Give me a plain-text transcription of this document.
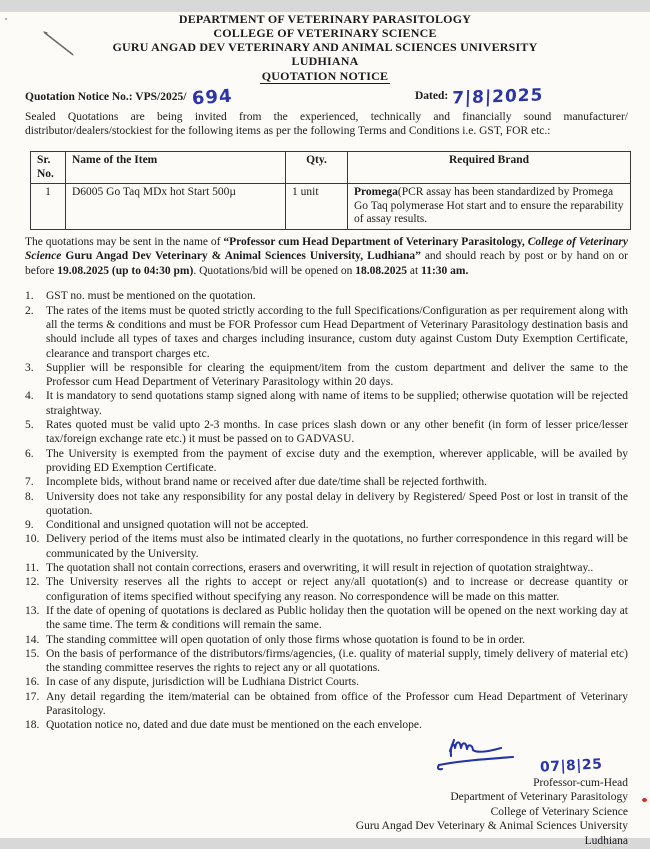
DEPARTMENT OF VETERINARY PARASITOLOGY
COLLEGE OF VETERINARY SCIENCE
GURU ANGAD DEV VETERINARY AND ANIMAL SCIENCES UNIVERSITY
LUDHIANA
QUOTATION NOTICE
Quotation Notice No.: VPS/2025/ 694	Dated: 7|8|2025
Sealed Quotations are being invited from the experienced, technically and financially sound manufacturer/ distributor/dealers/stockiest for the following items as per the following Terms and Conditions i.e. GST, FOR etc.:
Sr. No.	Name of the Item	Qty.	Required Brand
1	D6005 Go Taq MDx hot Start 500µ	1 unit	Promega(PCR assay has been standardized by Promega Go Taq polymerase Hot start and to ensure the reparability of assay results.
The quotations may be sent in the name of “Professor cum Head Department of Veterinary Parasitology, College of Veterinary Science Guru Angad Dev Veterinary & Animal Sciences University, Ludhiana” and should reach by post or by hand on or before 19.08.2025 (up to 04:30 pm). Quotations/bid will be opened on 18.08.2025 at 11:30 am.
1.	GST no. must be mentioned on the quotation.
2.	The rates of the items must be quoted strictly according to the full Specifications/Configuration as per requirement along with all the terms & conditions and must be FOR Professor cum Head Department of Veterinary Parasitology destination basis and should include all types of taxes and charges including insurance, custom duty against Custom Duty Exemption Certificate, clearance and transport charges etc.
3.	Supplier will be responsible for clearing the equipment/item from the custom department and deliver the same to the Professor cum Head Department of Veterinary Parasitology within 20 days.
4.	It is mandatory to send quotations stamp signed along with name of items to be supplied; otherwise quotation will be rejected straightway.
5.	Rates quoted must be valid upto 2-3 months. In case prices slash down or any other benefit (in form of lesser price/lesser tax/foreign exchange rate etc.) it must be passed on to GADVASU.
6.	The University is exempted from the payment of excise duty and the exemption, wherever applicable, will be availed by providing ED Exemption Certificate.
7.	Incomplete bids, without brand name or received after due date/time shall be rejected forthwith.
8.	University does not take any responsibility for any postal delay in delivery by Registered/ Speed Post or lost in transit of the quotation.
9.	Conditional and unsigned quotation will not be accepted.
10. Delivery period of the items must also be intimated clearly in the quotations, no further correspondence in this regard will be communicated by the University.
11. The quotation shall not contain corrections, erasers and overwriting, it will result in rejection of quotation straightway..
12. The University reserves all the rights to accept or reject any/all quotation(s) and to increase or decrease quantity or configuration of items specified without specifying any reason. No correspondence will be made on this matter.
13. If the date of opening of quotations is declared as Public holiday then the quotation will be opened on the next working day at the same time. The term & conditions will remain the same.
14. The standing committee will open quotation of only those firms whose quotation is found to be in order.
15. On the basis of performance of the distributors/firms/agencies, (i.e. quality of material supply, timely delivery of material etc) the standing committee reserves the rights to reject any or all quotations.
16. In case of any dispute, jurisdiction will be Ludhiana District Courts.
17. Any detail regarding the item/material can be obtained from office of the Professor cum Head Department of Veterinary Parasitology.
18. Quotation notice no, dated and due date must be mentioned on the each envelope.
07|8|25
Professor-cum-Head
Department of Veterinary Parasitology
College of Veterinary Science
Guru Angad Dev Veterinary & Animal Sciences University
Ludhiana
